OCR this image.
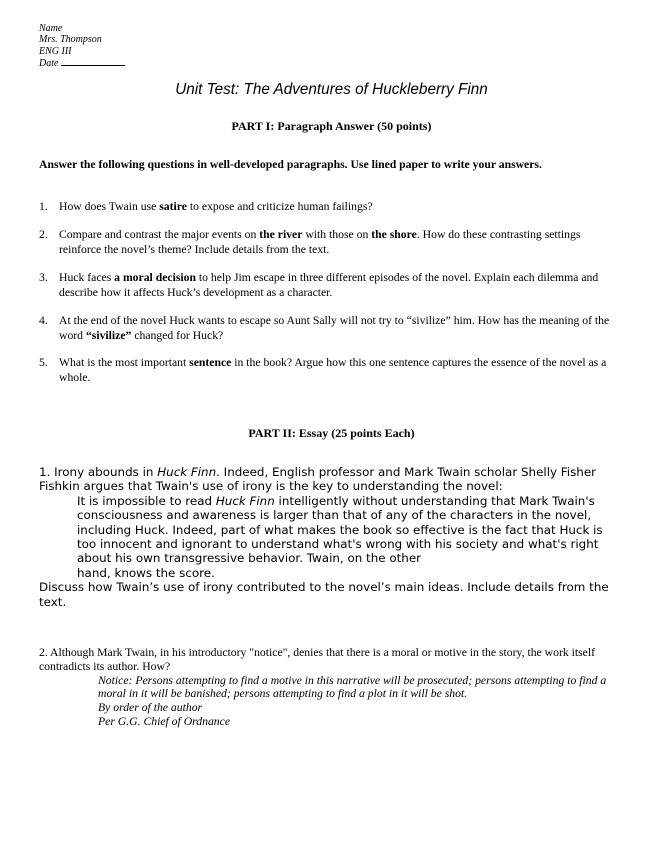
Name
Mrs. Thompson
ENG III
Date
Unit Test: The Adventures of Huckleberry Finn
PART I: Paragraph Answer (50 points)
Answer the following questions in well-developed paragraphs. Use lined paper to write your answers.
1. How does Twain use satire to expose and criticize human failings?
2. Compare and contrast the major events on the river with those on the shore. How do these contrasting settings reinforce the novel’s theme? Include details from the text.
3. Huck faces a moral decision to help Jim escape in three different episodes of the novel. Explain each dilemma and describe how it affects Huck’s development as a character.
4. At the end of the novel Huck wants to escape so Aunt Sally will not try to “sivilize” him. How has the meaning of the word “sivilize” changed for Huck?
5. What is the most important sentence in the book? Argue how this one sentence captures the essence of the novel as a whole.
PART II: Essay (25 points Each)
1. Irony abounds in Huck Finn. Indeed, English professor and Mark Twain scholar Shelly Fisher Fishkin argues that Twain's use of irony is the key to understanding the novel:
It is impossible to read Huck Finn intelligently without understanding that Mark Twain's consciousness and awareness is larger than that of any of the characters in the novel, including Huck. Indeed, part of what makes the book so effective is the fact that Huck is too innocent and ignorant to understand what's wrong with his society and what's right about his own transgressive behavior. Twain, on the other
hand, knows the score.
Discuss how Twain’s use of irony contributed to the novel’s main ideas. Include details from the text.
2. Although Mark Twain, in his introductory "notice", denies that there is a moral or motive in the story, the work itself contradicts its author. How?
Notice: Persons attempting to find a motive in this narrative will be prosecuted; persons attempting to find a moral in it will be banished; persons attempting to find a plot in it will be shot.
By order of the author
Per G.G. Chief of Ordnance
